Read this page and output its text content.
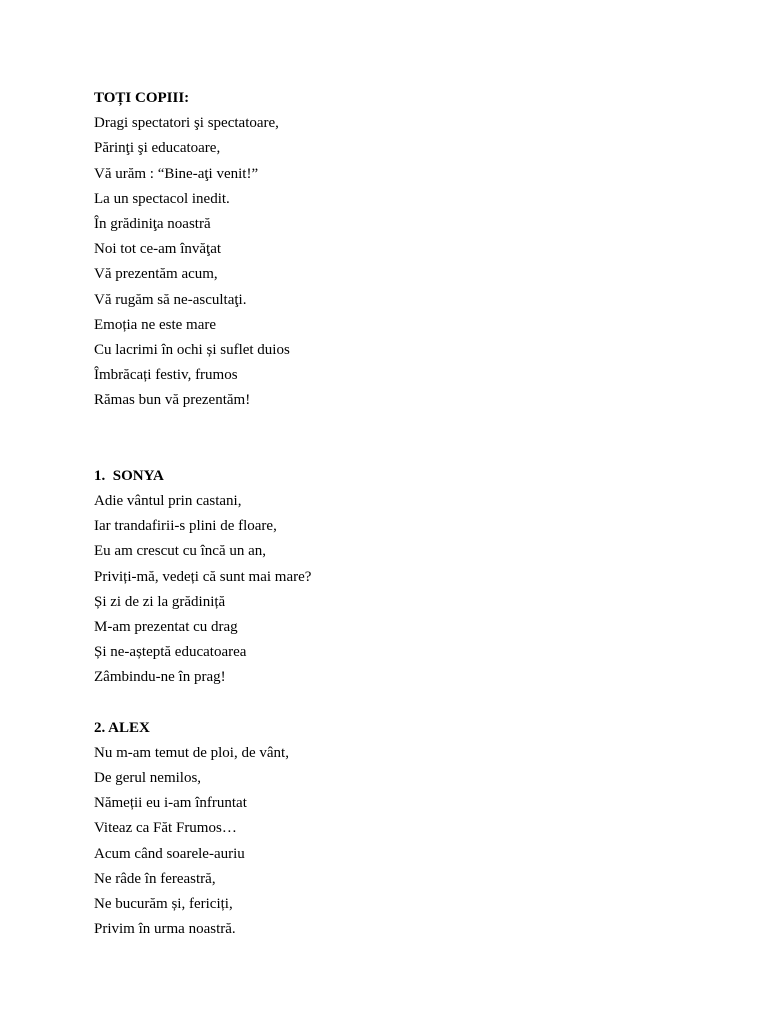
TOȚI COPIII:
Dragi spectatori şi spectatoare,
Părinţi şi educatoare,
Vă urăm : “Bine-aţi venit!”
La un spectacol inedit.
În grădiniţa noastră
Noi tot ce-am învăţat
Vă prezentăm acum,
Vă rugăm să ne-ascultaţi.
Emoția ne este mare
Cu lacrimi în ochi și suflet duios
Îmbrăcați festiv, frumos
Rămas bun vă prezentăm!
1.  SONYA
Adie vântul prin castani,
Iar trandafirii-s plini de floare,
Eu am crescut cu încă un an,
Priviți-mă, vedeți că sunt mai mare?
Și zi de zi la grădiniță
M-am prezentat cu drag
Și ne-așteptă educatoarea
Zâmbindu-ne în prag!
2. ALEX
Nu m-am temut de ploi, de vânt,
De gerul nemilos,
Nămeții eu i-am înfruntat
Viteaz ca Făt Frumos…
Acum când soarele-auriu
Ne râde în fereastră,
Ne bucurăm și, fericiți,
Privim în urma noastră.
